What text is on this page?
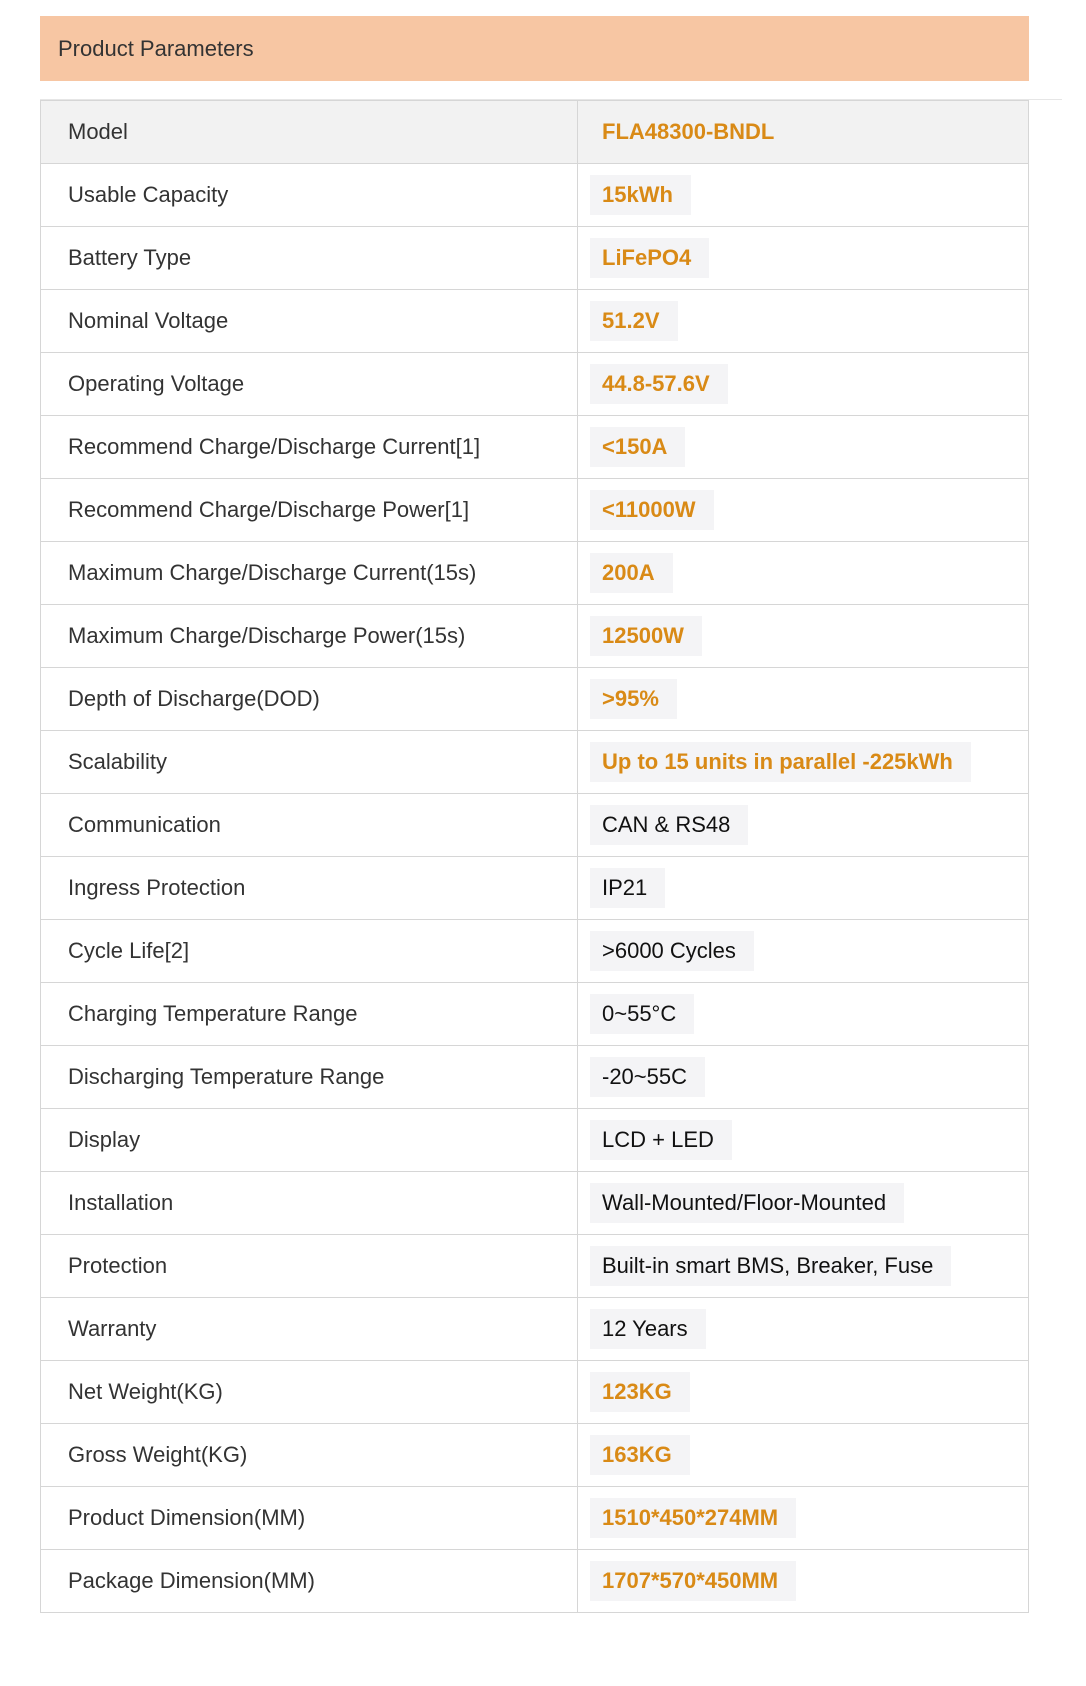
Product Parameters
Model	FLA48300-BNDL
Usable Capacity	15kWh
Battery Type	LiFePO4
Nominal Voltage	51.2V
Operating Voltage	44.8-57.6V
Recommend Charge/Discharge Current[1]	<150A
Recommend Charge/Discharge Power[1]	<11000W
Maximum Charge/Discharge Current(15s)	200A
Maximum Charge/Discharge Power(15s)	12500W
Depth of Discharge(DOD)	>95%
Scalability	Up to 15 units in parallel -225kWh
Communication	CAN & RS48
Ingress Protection	IP21
Cycle Life[2]	>6000 Cycles
Charging Temperature Range	0~55°C
Discharging Temperature Range	-20~55C
Display	LCD + LED
Installation	Wall-Mounted/Floor-Mounted
Protection	Built-in smart BMS, Breaker, Fuse
Warranty	12 Years
Net Weight(KG)	123KG
Gross Weight(KG)	163KG
Product Dimension(MM)	1510*450*274MM
Package Dimension(MM)	1707*570*450MM
